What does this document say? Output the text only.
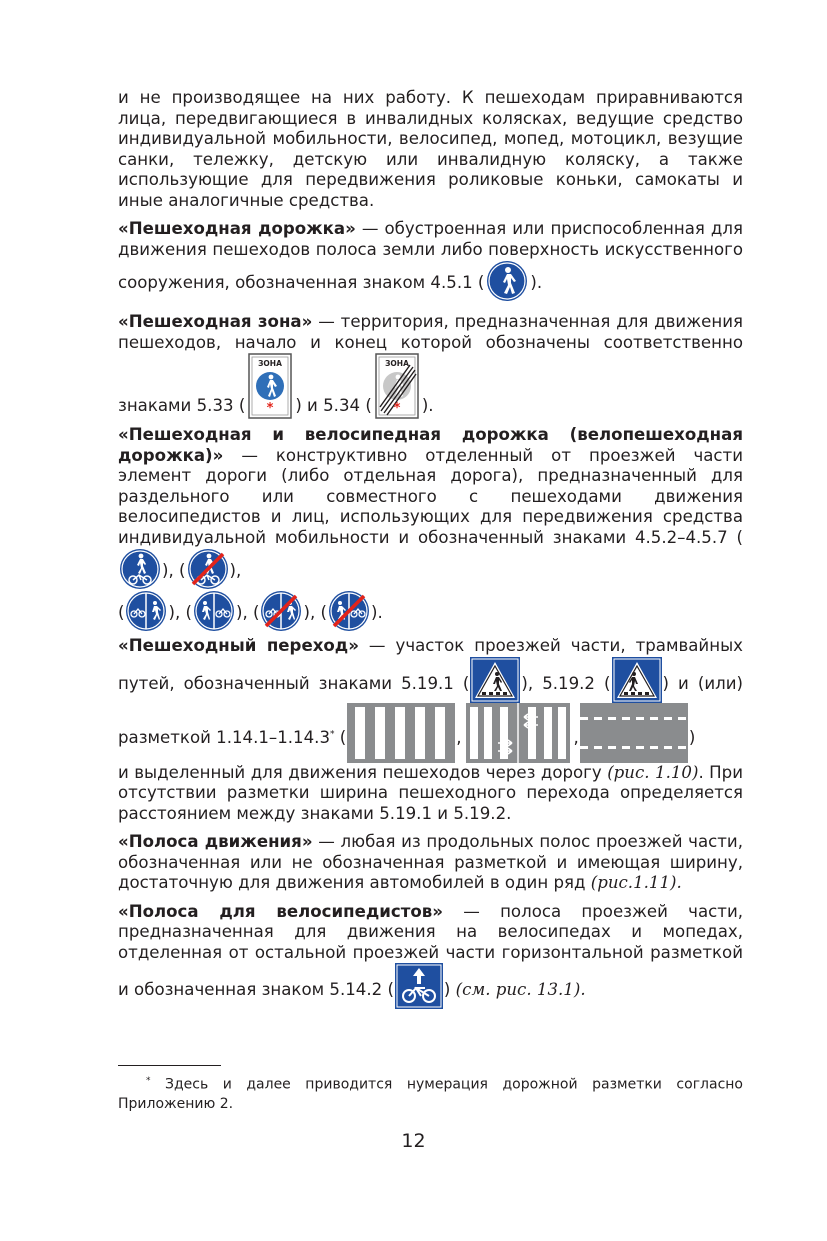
и не производящее на них работу. К пешеходам приравниваются лица, передвигающиеся в инвалидных колясках, ведущие средство индивидуальной мобильности, велосипед, мопед, мотоцикл, везущие санки, тележку, детскую или инвалидную коляску, а также использующие для передвижения роликовые коньки, самокаты и иные аналогичные средства.

«Пешеходная дорожка» — обустроенная или приспособленная для движения пешеходов полоса земли либо поверхность искусственного сооружения, обозначенная знаком 4.5.1 (	).
«Пешеходная зона» — территория, предназначенная для движения пешеходов, начало и конец которой обозначены соответственно знаками 5.33 (
ЗОНА
* ) и 5.34 (
ЗОНА
* ).
«Пешеходная и велосипедная дорожка (велопешеходная дорожка)» — конструктивно отделенный от проезжей части элемент дороги (либо отдельная дорога), предназначенный для раздельного или совместного с пешеходами движения велосипедистов и лиц, использующих для передвижения средства индивидуальной мобильности и обозначенный знаками 4.5.2–4.5.7 (
), (	),
(	), (	), (	), (	).
«Пешеходный переход» — участок проезжей части, трамвайных путей, обозначенный знаками 5.19.1 (	), 5.19.2 (	) и (или) разметкой 1.14.1–1.14.3* (	,	,	)
и выделенный для движения пешеходов через дорогу (рис. 1.10). При отсутствии разметки ширина пешеходного перехода определяется расстоянием между знаками 5.19.1 и 5.19.2.
«Полоса движения» — любая из продольных полос проезжей части, обозначенная или не обозначенная разметкой и имеющая ширину, достаточную для движения автомобилей в один ряд (рис.1.11).
«Полоса для велосипедистов» — полоса проезжей части, предназначенная для движения на велосипедах и мопедах, отделенная от остальной проезжей части горизонтальной разметкой и обозначенная знаком 5.14.2 (	) (см. рис. 13.1).
* Здесь и далее приводится нумерация дорожной разметки согласно Приложению 2.
12
